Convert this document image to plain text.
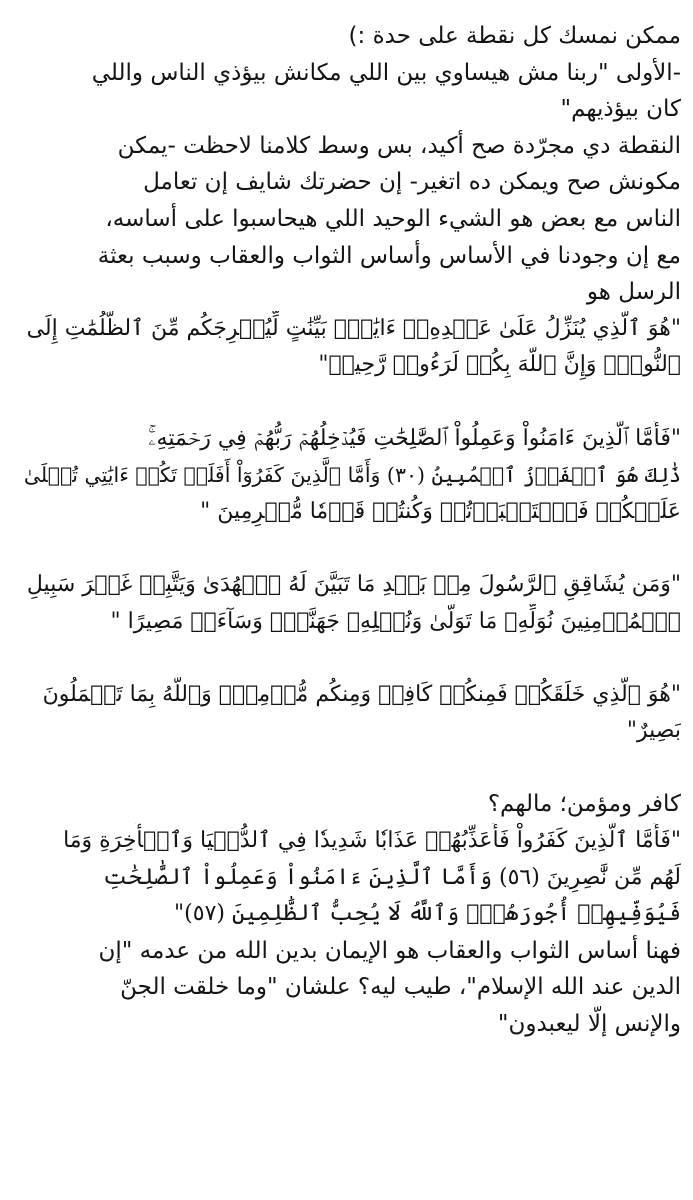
ممكن نمسك كل نقطة على حدة :)
-الأولى "ربنا مش هيساوي بين اللي مكانش بيؤذي الناس واللي
كان بيؤذيهم"
النقطة دي مجرّدة صح أكيد، بس وسط كلامنا لاحظت -يمكن
مكونش صح ويمكن ده اتغير- إن حضرتك شايف إن تعامل
الناس مع بعض هو الشيء الوحيد اللي هيحاسبوا على أساسه،
مع إن وجودنا في الأساس وأساس الثواب والعقاب وسبب بعثة
الرسل هو
"هُوَ ٱلَّذِي يُنَزِّلُ عَلَىٰ عَبۡدِهِۦٓ ءَايَٰتٍۭ بَيِّنَٰتٍ لِّيُخۡرِجَكُم مِّنَ ٱلظُّلُمَٰتِ إِلَى
ٱلنُّورِۚ وَإِنَّ ٱللَّهَ بِكُمۡ لَرَءُوفٞ رَّحِيمٞ"
"فَأَمَّا ٱلَّذِينَ ءَامَنُواْ وَعَمِلُواْ ٱلصَّٰلِحَٰتِ فَيُدۡخِلُهُمۡ رَبُّهُمۡ فِي رَحۡمَتِهِۦۚ
ذَٰلِكَ هُوَ ٱلۡفَوۡزُ ٱلۡمُبِينُ (٣٠) وَأَمَّا ٱلَّذِينَ كَفَرُوٓاْ أَفَلَمۡ تَكُنۡ ءَايَٰتِي تُتۡلَىٰ
عَلَيۡكُمۡ فَٱسۡتَكۡبَرۡتُمۡ وَكُنتُمۡ قَوۡمٗا مُّجۡرِمِينَ "
"وَمَن يُشَاقِقِ ٱلرَّسُولَ مِنۢ بَعۡدِ مَا تَبَيَّنَ لَهُ ٱلۡهُدَىٰ وَيَتَّبِعۡ غَيۡرَ سَبِيلِ
ٱلۡمُؤۡمِنِينَ نُوَلِّهِۦ مَا تَوَلَّىٰ وَنُصۡلِهِۦ جَهَنَّمَۖ وَسَآءَتۡ مَصِيرًا "
"هُوَ ٱلَّذِي خَلَقَكُمۡ فَمِنكُمۡ كَافِرٞ وَمِنكُم مُّؤۡمِنٞۚ وَٱللَّهُ بِمَا تَعۡمَلُونَ
بَصِيرٌ"
كافر ومؤمن؛ مالهم؟
"فَأَمَّا ٱلَّذِينَ كَفَرُواْ فَأُعَذِّبُهُمۡ عَذَابٗا شَدِيدٗا فِي ٱلدُّنۡيَا وَٱلۡأٓخِرَةِ وَمَا
لَهُم مِّن نَّٰصِرِينَ (٥٦) وَأَمَّا ٱلَّذِينَ ءَامَنُواْ وَعَمِلُواْ ٱلصَّٰلِحَٰتِ
فَيُوَفِّيهِمۡ أُجُورَهُمۡۗ وَٱللَّهُ لَا يُحِبُّ ٱلظَّٰلِمِينَ (٥٧)"
فهنا أساس الثواب والعقاب هو الإيمان بدين الله من عدمه "إن
الدين عند الله الإسلام"، طيب ليه؟ علشان "وما خلقت الجنّ
والإنس إلّا ليعبدون"
